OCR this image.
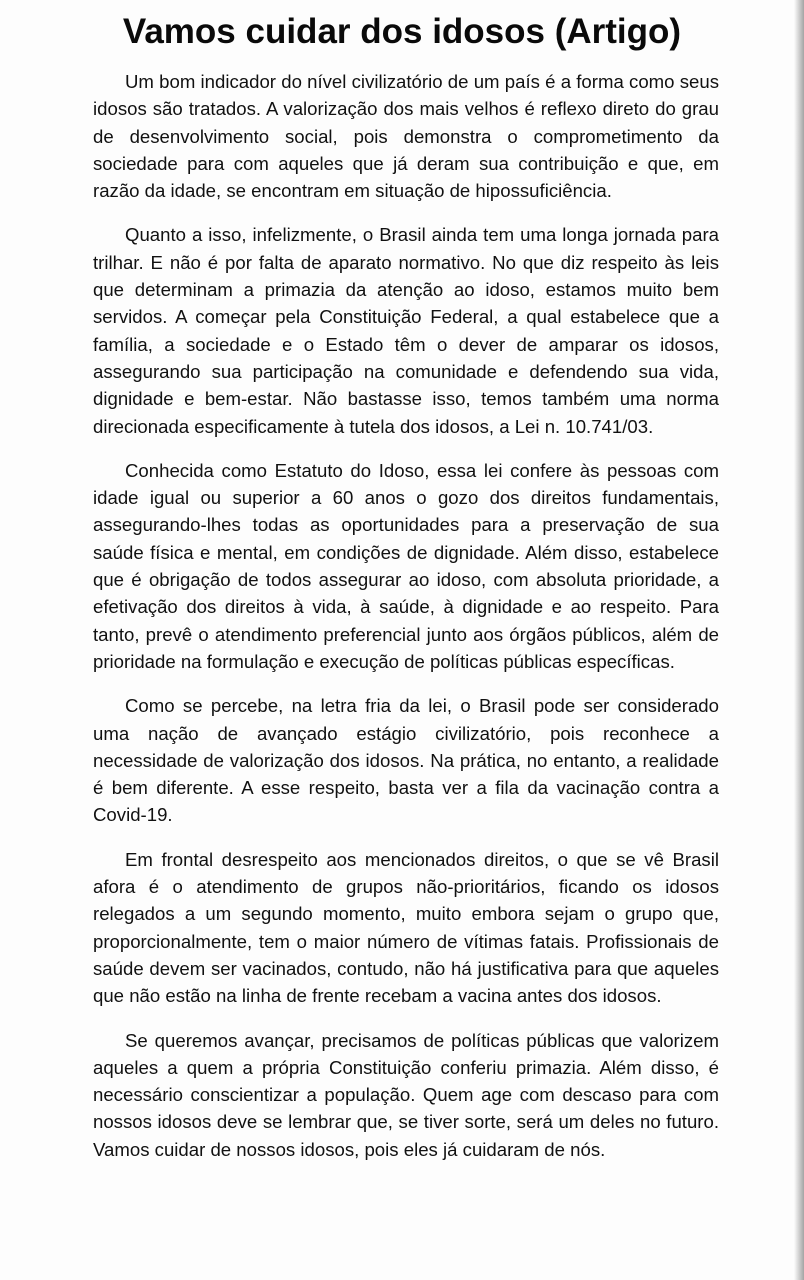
Vamos cuidar dos idosos (Artigo)

Um bom indicador do nível civilizatório de um país é a forma como seus idosos são tratados. A valorização dos mais velhos é reflexo direto do grau de desenvolvimento social, pois demonstra o comprometimento da sociedade para com aqueles que já deram sua contribuição e que, em razão da idade, se encontram em situação de hipossuficiência.

Quanto a isso, infelizmente, o Brasil ainda tem uma longa jornada para trilhar. E não é por falta de aparato normativo. No que diz respeito às leis que determinam a primazia da atenção ao idoso, estamos muito bem servidos. A começar pela Constituição Federal, a qual estabelece que a família, a sociedade e o Estado têm o dever de amparar os idosos, assegurando sua participação na comunidade e defendendo sua vida, dignidade e bem-estar. Não bastasse isso, temos também uma norma direcionada especificamente à tutela dos idosos, a Lei n. 10.741/03.

Conhecida como Estatuto do Idoso, essa lei confere às pessoas com idade igual ou superior a 60 anos o gozo dos direitos fundamentais, assegurando-lhes todas as oportunidades para a preservação de sua saúde física e mental, em condições de dignidade. Além disso, estabelece que é obrigação de todos assegurar ao idoso, com absoluta prioridade, a efetivação dos direitos à vida, à saúde, à dignidade e ao respeito. Para tanto, prevê o atendimento preferencial junto aos órgãos públicos, além de prioridade na formulação e execução de políticas públicas específicas.

Como se percebe, na letra fria da lei, o Brasil pode ser considerado uma nação de avançado estágio civilizatório, pois reconhece a necessidade de valorização dos idosos. Na prática, no entanto, a realidade é bem diferente. A esse respeito, basta ver a fila da vacinação contra a Covid-19.

Em frontal desrespeito aos mencionados direitos, o que se vê Brasil afora é o atendimento de grupos não-prioritários, ficando os idosos relegados a um segundo momento, muito embora sejam o grupo que, proporcionalmente, tem o maior número de vítimas fatais. Profissionais de saúde devem ser vacinados, contudo, não há justificativa para que aqueles que não estão na linha de frente recebam a vacina antes dos idosos.

Se queremos avançar, precisamos de políticas públicas que valorizem aqueles a quem a própria Constituição conferiu primazia. Além disso, é necessário conscientizar a população. Quem age com descaso para com nossos idosos deve se lembrar que, se tiver sorte, será um deles no futuro. Vamos cuidar de nossos idosos, pois eles já cuidaram de nós.
